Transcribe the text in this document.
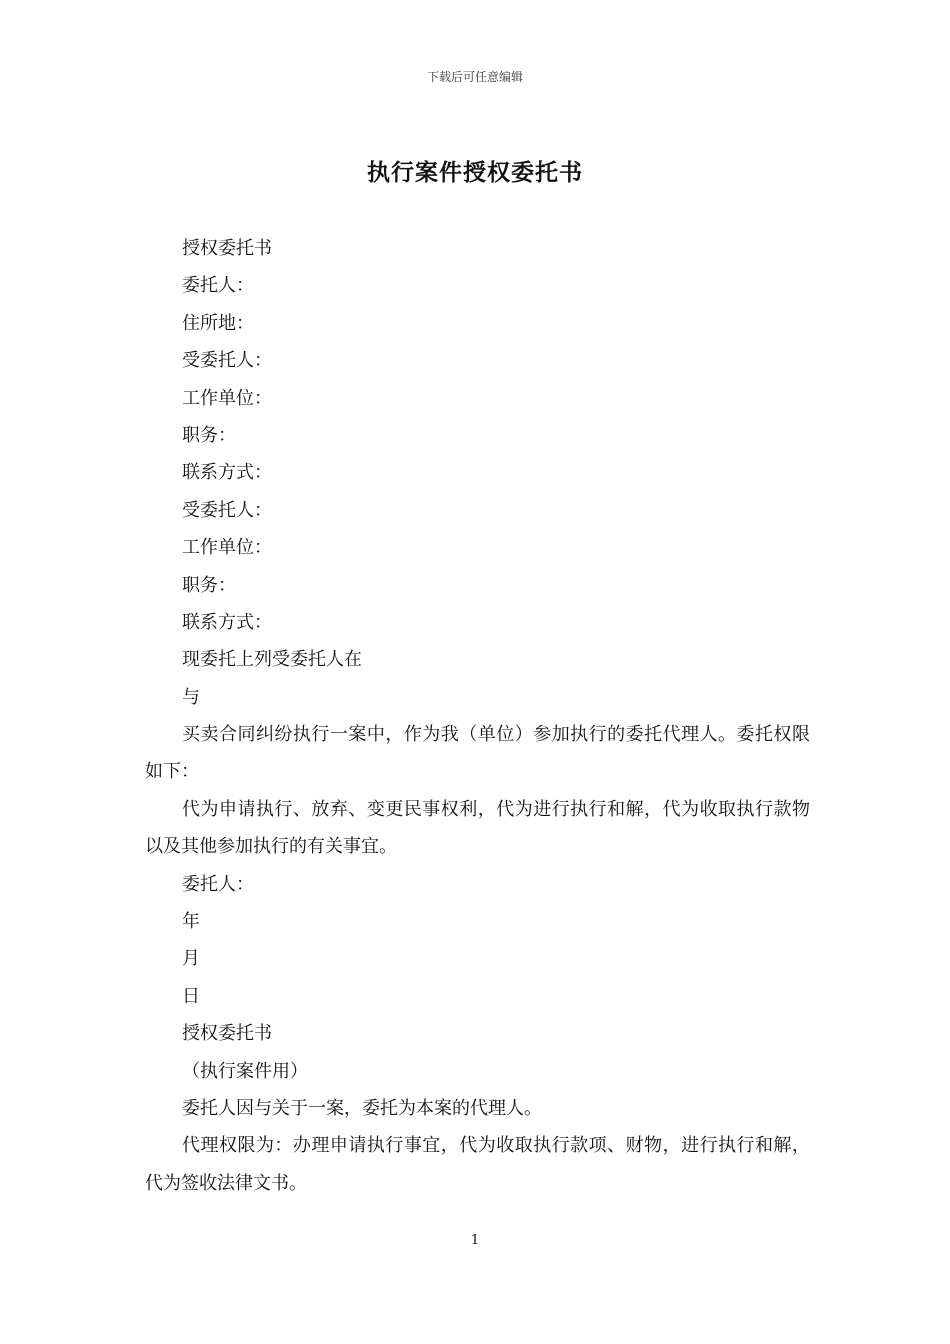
下载后可任意编辑
执行案件授权委托书
授权委托书
委托人：
住所地：
受委托人：
工作单位：
职务：
联系方式：
受委托人：
工作单位：
职务：
联系方式：
现委托上列受委托人在
与
买卖合同纠纷执行一案中，作为我（单位）参加执行的委托代理人。委托权限如下：
代为申请执行、放弃、变更民事权利，代为进行执行和解，代为收取执行款物以及其他参加执行的有关事宜。
委托人：
年
月
日
授权委托书
（执行案件用）
委托人因与关于一案，委托为本案的代理人。
代理权限为：办理申请执行事宜，代为收取执行款项、财物，进行执行和解，代为签收法律文书。
1
